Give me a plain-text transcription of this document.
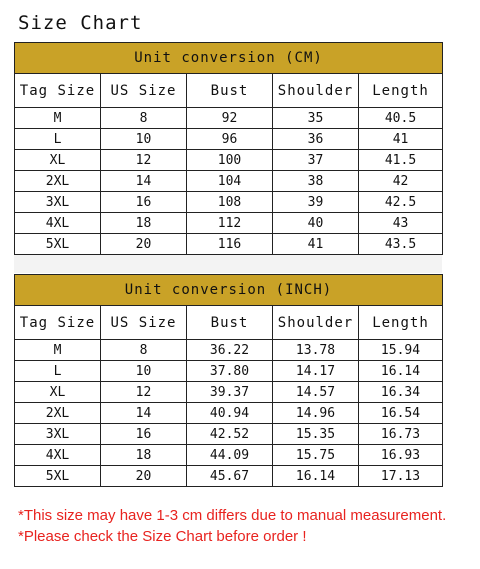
Size Chart
Unit conversion (CM)				
Tag Size	US Size	Bust	Shoulder	Length
M	8	92	35	40.5
L	10	96	36	41
XL	12	100	37	41.5
2XL	14	104	38	42
3XL	16	108	39	42.5
4XL	18	112	40	43
5XL	20	116	41	43.5
Unit conversion (INCH)				
Tag Size	US Size	Bust	Shoulder	Length
M	8	36.22	13.78	15.94
L	10	37.80	14.17	16.14
XL	12	39.37	14.57	16.34
2XL	14	40.94	14.96	16.54
3XL	16	42.52	15.35	16.73
4XL	18	44.09	15.75	16.93
5XL	20	45.67	16.14	17.13
*This size may have 1-3 cm differs due to manual measurement.
*Please check the Size Chart before order !
